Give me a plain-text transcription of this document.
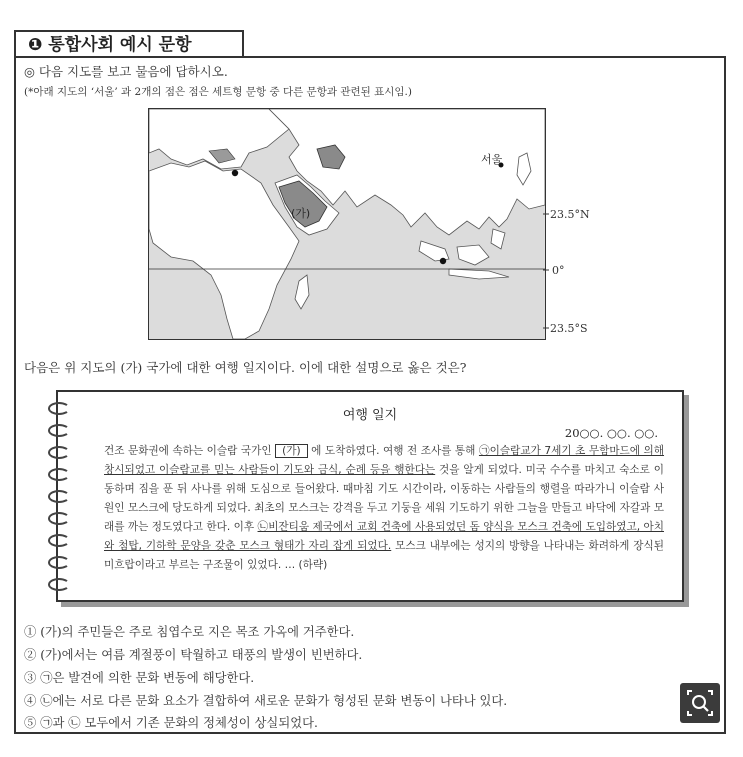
❶ 통합사회 예시 문항
◎ 다음 지도를 보고 물음에 답하시오.
(*아래 지도의 ‘서울’ 과 2개의 점은 점은 세트형 문항 중 다른 문항과 관련된 표시임.)
(가)
서울
23.5°N
0°
23.5°S
다음은 위 지도의 (가) 국가에 대한 여행 일지이다. 이에 대한 설명으로 옳은 것은?
여행 일지
20○○. ○○. ○○.
건조 문화권에 속하는 이슬람 국가인 (가) 에 도착하였다. 여행 전 조사를 통해 ㉠이슬람교가 7세기 초 무함마드에 의해 창시되었고 이슬람교를 믿는 사람들이 기도와 금식, 순례 등을 행한다는 것을 알게 되었다. 미국 수수를 마치고 숙소로 이동하며 짐을 푼 뒤 사나를 위해 도심으로 들어왔다. 때마침 기도 시간이라, 이동하는 사람들의 행렬을 따라가니 이슬람 사원인 모스크에 당도하게 되었다. 최초의 모스크는 강격을 두고 기둥을 세워 기도하기 위한 그늘을 만들고 바닥에 자갈과 모래를 까는 정도였다고 한다. 이후 ㉡비잔티움 제국에서 교회 건축에 사용되었던 돔 양식을 모스크 건축에 도입하였고, 아치와 첨탑, 기하학 문양을 갖춘 모스크 형태가 자리 잡게 되었다. 모스크 내부에는 성지의 방향을 나타내는 화려하게 장식된 미흐랍이라고 부르는 구조물이 있었다. … (하략)
① (가)의 주민들은 주로 침엽수로 지은 목조 가옥에 거주한다.
② (가)에서는 여름 계절풍이 탁월하고 태풍의 발생이 빈번하다.
③ ㉠은 발견에 의한 문화 변동에 해당한다.
④ ㉡에는 서로 다른 문화 요소가 결합하여 새로운 문화가 형성된 문화 변동이 나타나 있다.
⑤ ㉠과 ㉡ 모두에서 기존 문화의 정체성이 상실되었다.
